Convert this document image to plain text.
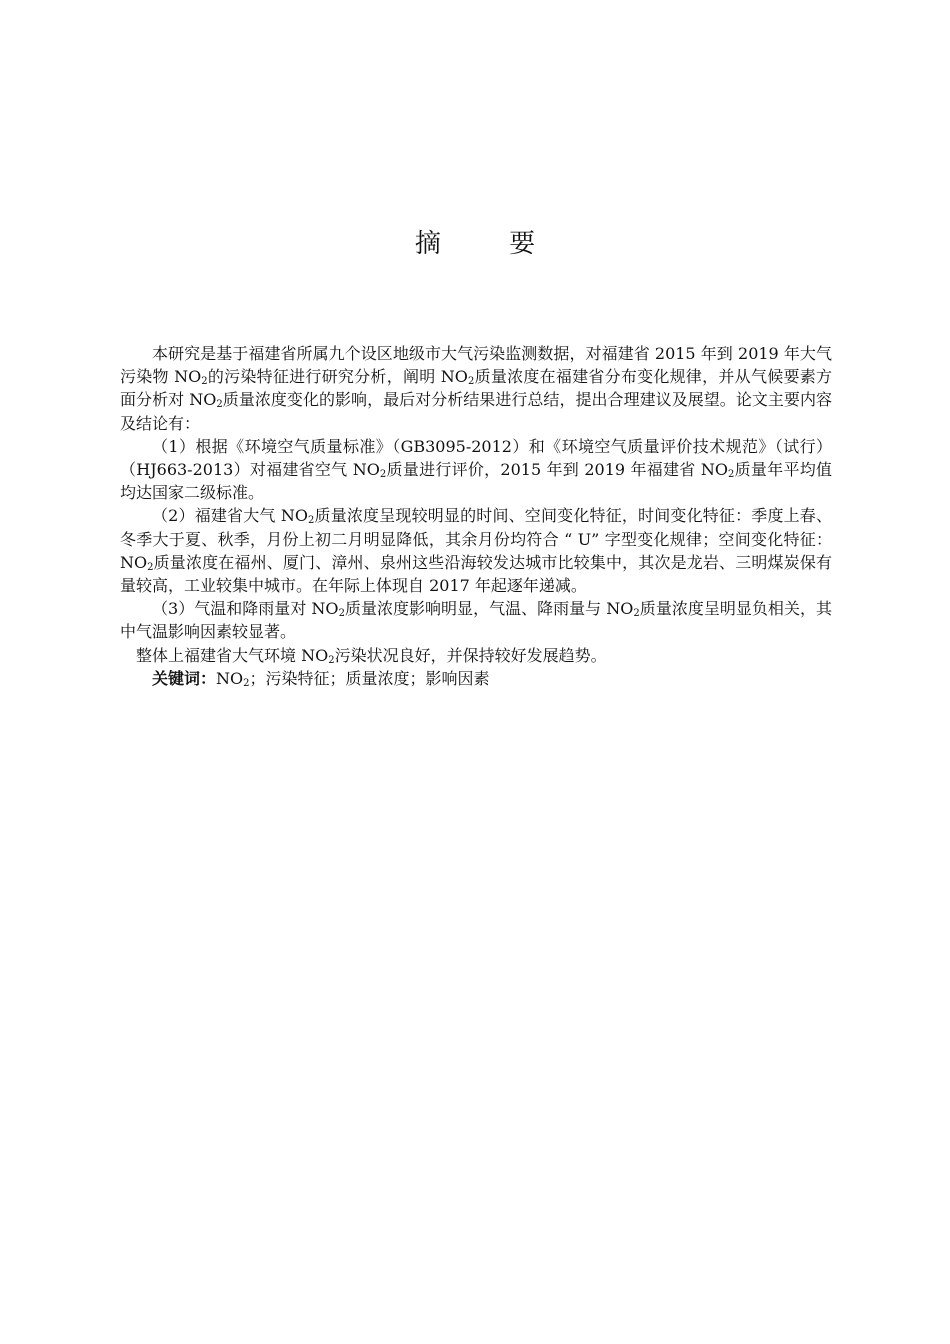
摘 要

本研究是基于福建省所属九个设区地级市大气污染监测数据，对福建省 2015 年到 2019 年大气污染物 $NO_2$的污染特征进行研究分析，阐明 $NO_2$质量浓度在福建省分布变化规律，并从气候要素方面分析对 $NO_2$质量浓度变化的影响，最后对分析结果进行总结，提出合理建议及展望。论文主要内容及结论有：

（1）根据《环境空气质量标准》（GB3095-2012）和《环境空气质量评价技术规范》（试行）（HJ663-2013）对福建省空气 $NO_2$质量进行评价，2015 年到 2019 年福建省 $NO_2$质量年平均值均达国家二级标准。

（2）福建省大气 $NO_2$质量浓度呈现较明显的时间、空间变化特征，时间变化特征：季度上春、冬季大于夏、秋季，月份上初二月明显降低，其余月份均符合 “ U” 字型变化规律；空间变化特征：$NO_2$质量浓度在福州、厦门、漳州、泉州这些沿海较发达城市比较集中，其次是龙岩、三明煤炭保有量较高，工业较集中城市。在年际上体现自 2017 年起逐年递减。

（3）气温和降雨量对 $NO_2$质量浓度影响明显，气温、降雨量与 $NO_2$质量浓度呈明显负相关，其中气温影响因素较显著。

整体上福建省大气环境 $NO_2$污染状况良好，并保持较好发展趋势。

关键词：$NO_2$；污染特征；质量浓度；影响因素
